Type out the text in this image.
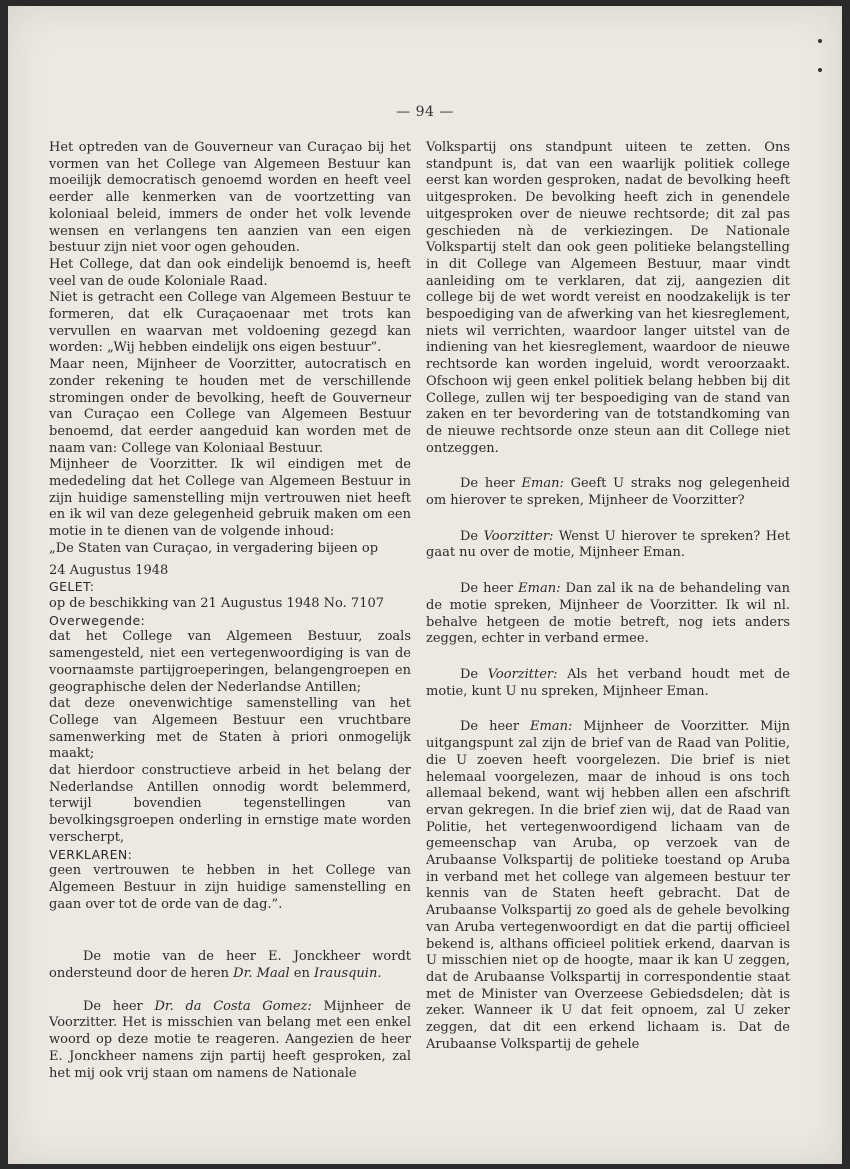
— 94 —

Het optreden van de Gouverneur van Curaçao bij het vormen van het College van Algemeen Bestuur kan moeilijk democratisch genoemd worden en heeft veel eerder alle kenmerken van de voortzetting van koloniaal beleid, immers de onder het volk levende wensen en verlangens ten aanzien van een eigen bestuur zijn niet voor ogen gehouden.

Het College, dat dan ook eindelijk benoemd is, heeft veel van de oude Koloniale Raad.

Niet is getracht een College van Algemeen Bestuur te formeren, dat elk Curaçaoenaar met trots kan vervullen en waarvan met voldoening gezegd kan worden: „Wij hebben eindelijk ons eigen bestuur”.

Maar neen, Mijnheer de Voorzitter, autocratisch en zonder rekening te houden met de verschillende stromingen onder de bevolking, heeft de Gouverneur van Curaçao een College van Algemeen Bestuur benoemd, dat eerder aangeduid kan worden met de naam van: College van Koloniaal Bestuur.

Mijnheer de Voorzitter. Ik wil eindigen met de mededeling dat het College van Algemeen Bestuur in zijn huidige samenstelling mijn vertrouwen niet heeft en ik wil van deze gelegenheid gebruik maken om een motie in te dienen van de volgende inhoud:

„De Staten van Curaçao, in vergadering bijeen op

24 Augustus 1948

GELET:

op de beschikking van 21 Augustus 1948 No. 7107

Overwegende:

dat het College van Algemeen Bestuur, zoals samengesteld, niet een vertegenwoordiging is van de voornaamste partijgroeperingen, belangengroepen en geographische delen der Nederlandse Antillen;

dat deze onevenwichtige samenstelling van het College van Algemeen Bestuur een vruchtbare samenwerking met de Staten à priori onmogelijk maakt;

dat hierdoor constructieve arbeid in het belang der Nederlandse Antillen onnodig wordt belemmerd, terwijl bovendien tegenstellingen van bevolkingsgroepen onderling in ernstige mate worden verscherpt,

VERKLAREN:

geen vertrouwen te hebben in het College van Algemeen Bestuur in zijn huidige samenstelling en gaan over tot de orde van de dag.”.

De motie van de heer E. Jonckheer wordt ondersteund door de heren Dr. Maal en Irausquin.

De heer Dr. da Costa Gomez: Mijnheer de Voorzitter. Het is misschien van belang met een enkel woord op deze motie te reageren. Aangezien de heer E. Jonckheer namens zijn partij heeft gesproken, zal het mij ook vrij staan om namens de Nationale

Volkspartij ons standpunt uiteen te zetten. Ons standpunt is, dat van een waarlijk politiek college eerst kan worden gesproken, nadat de bevolking heeft uitgesproken. De bevolking heeft zich in genendele uitgesproken over de nieuwe rechtsorde; dit zal pas geschieden nà de verkiezingen. De Nationale Volkspartij stelt dan ook geen politieke belangstelling in dit College van Algemeen Bestuur, maar vindt aanleiding om te verklaren, dat zij, aangezien dit college bij de wet wordt vereist en noodzakelijk is ter bespoediging van de afwerking van het kiesreglement, niets wil verrichten, waardoor langer uitstel van de indiening van het kiesreglement, waardoor de nieuwe rechtsorde kan worden ingeluid, wordt veroorzaakt. Ofschoon wij geen enkel politiek belang hebben bij dit College, zullen wij ter bespoediging van de stand van zaken en ter bevordering van de totstandkoming van de nieuwe rechtsorde onze steun aan dit College niet ontzeggen.

De heer Eman: Geeft U straks nog gelegenheid om hierover te spreken, Mijnheer de Voorzitter?

De Voorzitter: Wenst U hierover te spreken? Het gaat nu over de motie, Mijnheer Eman.

De heer Eman: Dan zal ik na de behandeling van de motie spreken, Mijnheer de Voorzitter. Ik wil nl. behalve hetgeen de motie betreft, nog iets anders zeggen, echter in verband ermee.

De Voorzitter: Als het verband houdt met de motie, kunt U nu spreken, Mijnheer Eman.

De heer Eman: Mijnheer de Voorzitter. Mijn uitgangspunt zal zijn de brief van de Raad van Politie, die U zoeven heeft voorgelezen. Die brief is niet helemaal voorgelezen, maar de inhoud is ons toch allemaal bekend, want wij hebben allen een afschrift ervan gekregen. In die brief zien wij, dat de Raad van Politie, het vertegenwoordigend lichaam van de gemeenschap van Aruba, op verzoek van de Arubaanse Volkspartij de politieke toestand op Aruba in verband met het college van algemeen bestuur ter kennis van de Staten heeft gebracht. Dat de Arubaanse Volkspartij zo goed als de gehele bevolking van Aruba vertegenwoordigt en dat die partij officieel bekend is, althans officieel politiek erkend, daarvan is U misschien niet op de hoogte, maar ik kan U zeggen, dat de Arubaanse Volkspartij in correspondentie staat met de Minister van Overzeese Gebiedsdelen; dàt is zeker. Wanneer ik U dat feit opnoem, zal U zeker zeggen, dat dit een erkend lichaam is. Dat de Arubaanse Volkspartij de gehele
